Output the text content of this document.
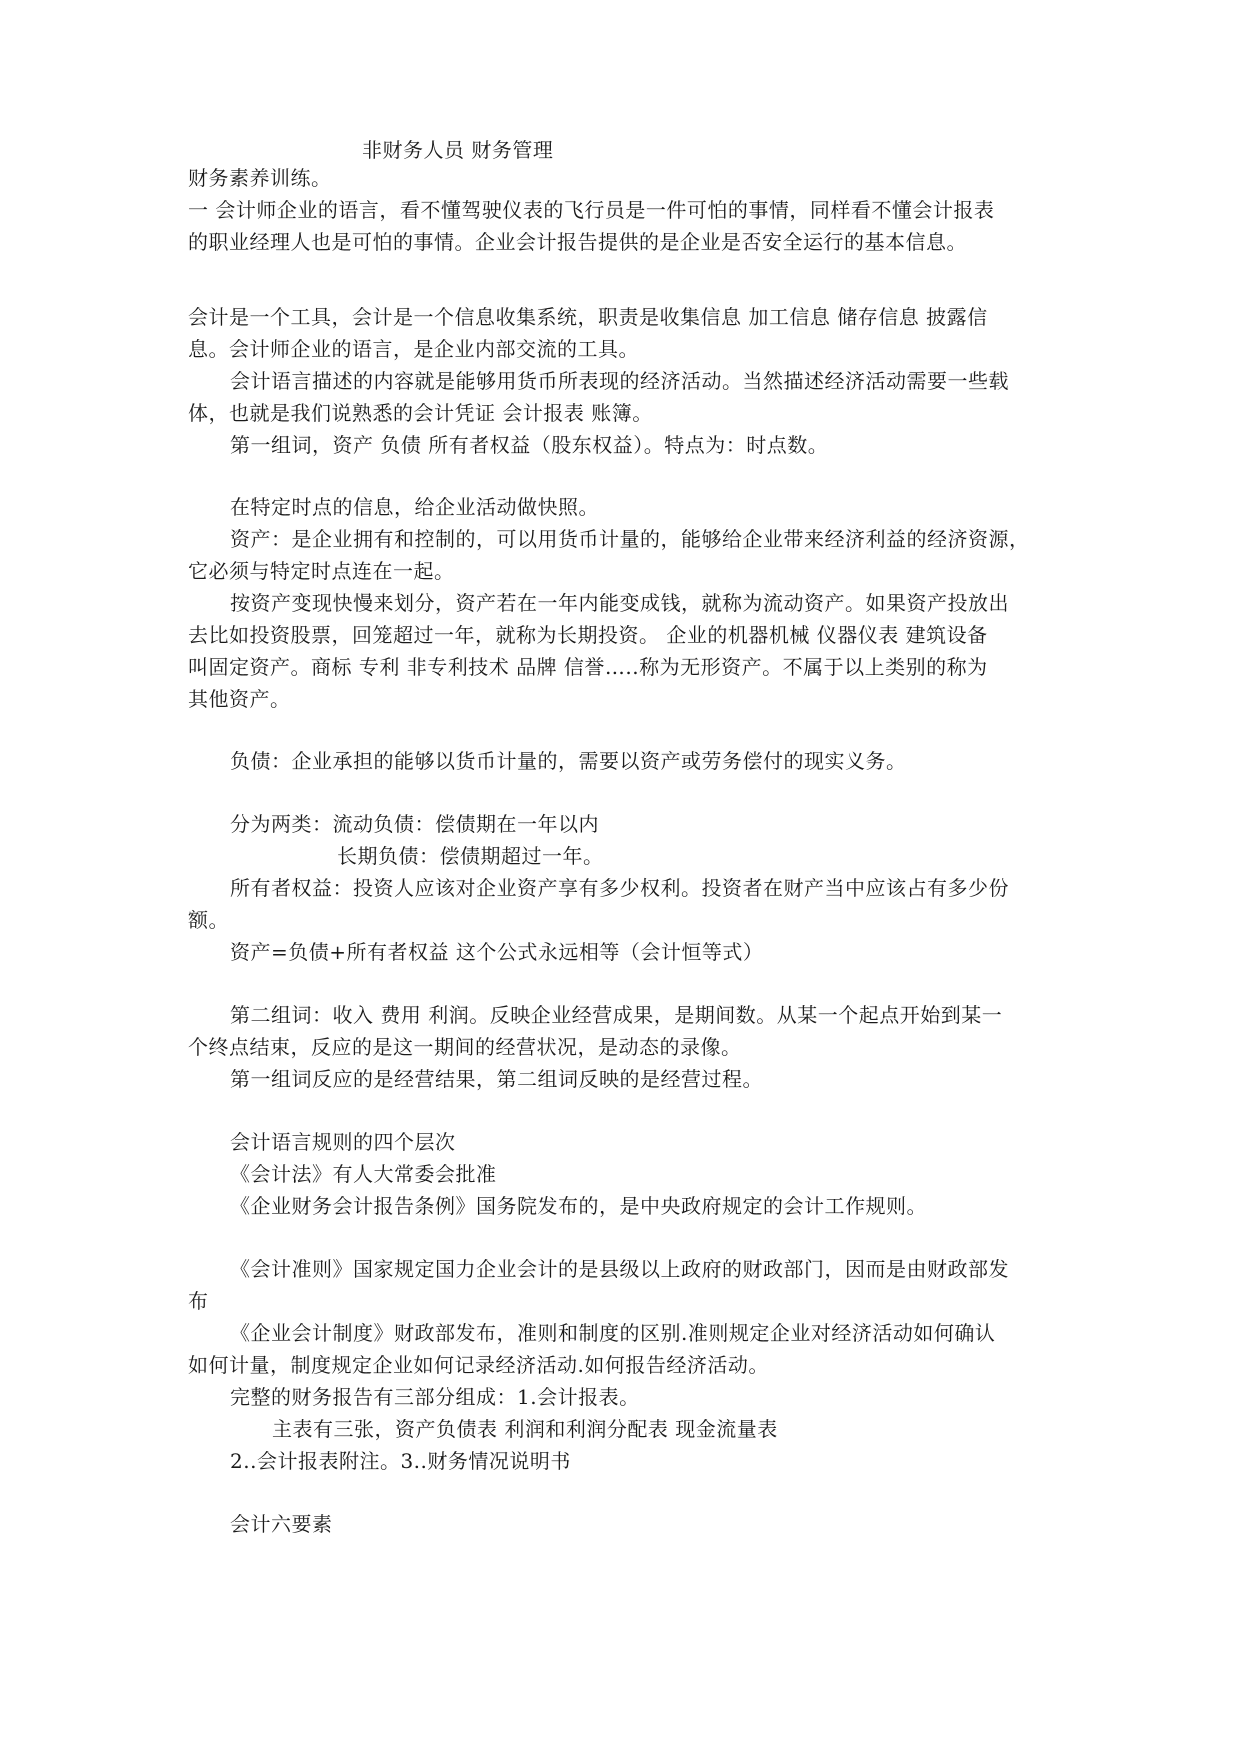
非财务人员 财务管理
财务素养训练。
一 会计师企业的语言，看不懂驾驶仪表的飞行员是一件可怕的事情，同样看不懂会计报表
的职业经理人也是可怕的事情。企业会计报告提供的是企业是否安全运行的基本信息。
会计是一个工具，会计是一个信息收集系统，职责是收集信息 加工信息 储存信息 披露信
息。会计师企业的语言，是企业内部交流的工具。
会计语言描述的内容就是能够用货币所表现的经济活动。当然描述经济活动需要一些载
体，也就是我们说熟悉的会计凭证 会计报表 账簿。
第一组词，资产 负债 所有者权益（股东权益）。特点为：时点数。
在特定时点的信息，给企业活动做快照。
资产：是企业拥有和控制的，可以用货币计量的，能够给企业带来经济利益的经济资源，
它必须与特定时点连在一起。
按资产变现快慢来划分，资产若在一年内能变成钱，就称为流动资产。如果资产投放出
去比如投资股票，回笼超过一年，就称为长期投资。 企业的机器机械 仪器仪表 建筑设备
叫固定资产。商标 专利 非专利技术 品牌 信誉…..称为无形资产。不属于以上类别的称为
其他资产。
负债：企业承担的能够以货币计量的，需要以资产或劳务偿付的现实义务。
分为两类：流动负债：偿债期在一年以内
长期负债：偿债期超过一年。
所有者权益：投资人应该对企业资产享有多少权利。投资者在财产当中应该占有多少份
额。
资产=负债+所有者权益 这个公式永远相等（会计恒等式）
第二组词：收入 费用 利润。反映企业经营成果，是期间数。从某一个起点开始到某一
个终点结束，反应的是这一期间的经营状况，是动态的录像。
第一组词反应的是经营结果，第二组词反映的是经营过程。
会计语言规则的四个层次
《会计法》有人大常委会批准
《企业财务会计报告条例》国务院发布的，是中央政府规定的会计工作规则。
《会计准则》国家规定国力企业会计的是县级以上政府的财政部门，因而是由财政部发
布
《企业会计制度》财政部发布，准则和制度的区别.准则规定企业对经济活动如何确认
如何计量，制度规定企业如何记录经济活动.如何报告经济活动。
完整的财务报告有三部分组成：1.会计报表。
主表有三张，资产负债表 利润和利润分配表 现金流量表
2..会计报表附注。3..财务情况说明书
会计六要素
